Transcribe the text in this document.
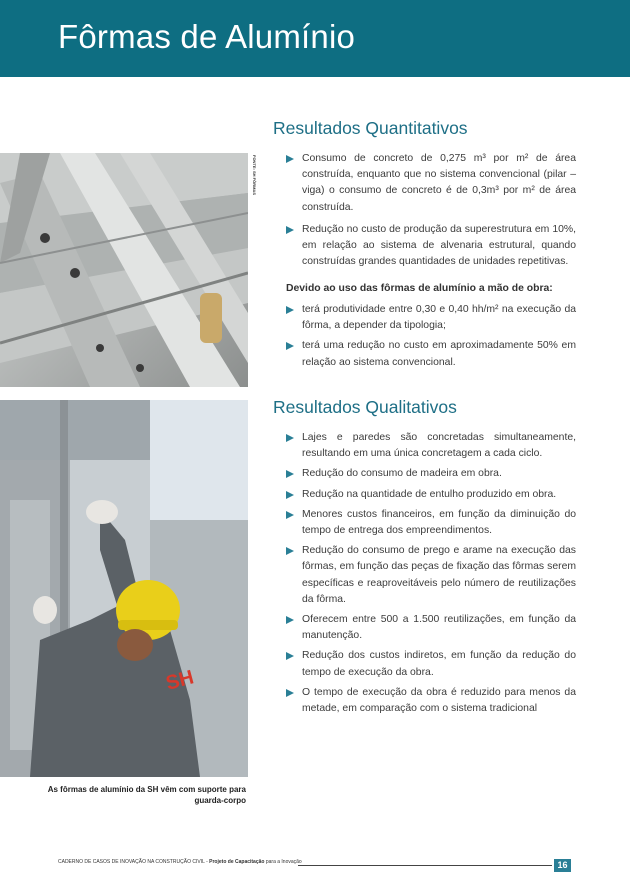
Fôrmas de Alumínio
FONTE: SH FÔRMAS
SH
As fôrmas de alumínio da SH vêm com suporte para guarda-corpo
Resultados Quantitativos
Consumo de concreto de 0,275 m³ por m² de área construída, enquanto que no sistema convencional (pilar – viga) o consumo de concreto é de 0,3m³ por m² de área construída.
Redução no custo de produção da superestrutura em 10%, em relação ao sistema de alvenaria estrutural, quando construídas grandes quantidades de unidades repetitivas.
Devido ao uso das fôrmas de alumínio a mão de obra:
terá produtividade entre 0,30 e 0,40 hh/m² na execução da fôrma, a depender da tipologia;
terá uma redução no custo em aproximadamente 50% em relação ao sistema convencional.
Resultados Qualitativos
Lajes e paredes são concretadas simultaneamente, resultando em uma única concretagem a cada ciclo.
Redução do consumo de madeira em obra.
Redução na quantidade de entulho produzido em obra.
Menores custos financeiros, em função da diminuição do tempo de entrega dos empreendimentos.
Redução do consumo de prego e arame na execução das fôrmas, em função das peças de fixação das fôrmas serem específicas e reaproveitáveis pelo número de reutilizações da fôrma.
Oferecem entre 500 a 1.500 reutilizações, em função da manutenção.
Redução dos custos indiretos, em função da redução do tempo de execução da obra.
O tempo de execução da obra é reduzido para menos da metade, em comparação com o sistema tradicional
CADERNO DE CASOS DE INOVAÇÃO NA CONSTRUÇÃO CIVIL - Projeto de Capacitação para a Inovação	16
